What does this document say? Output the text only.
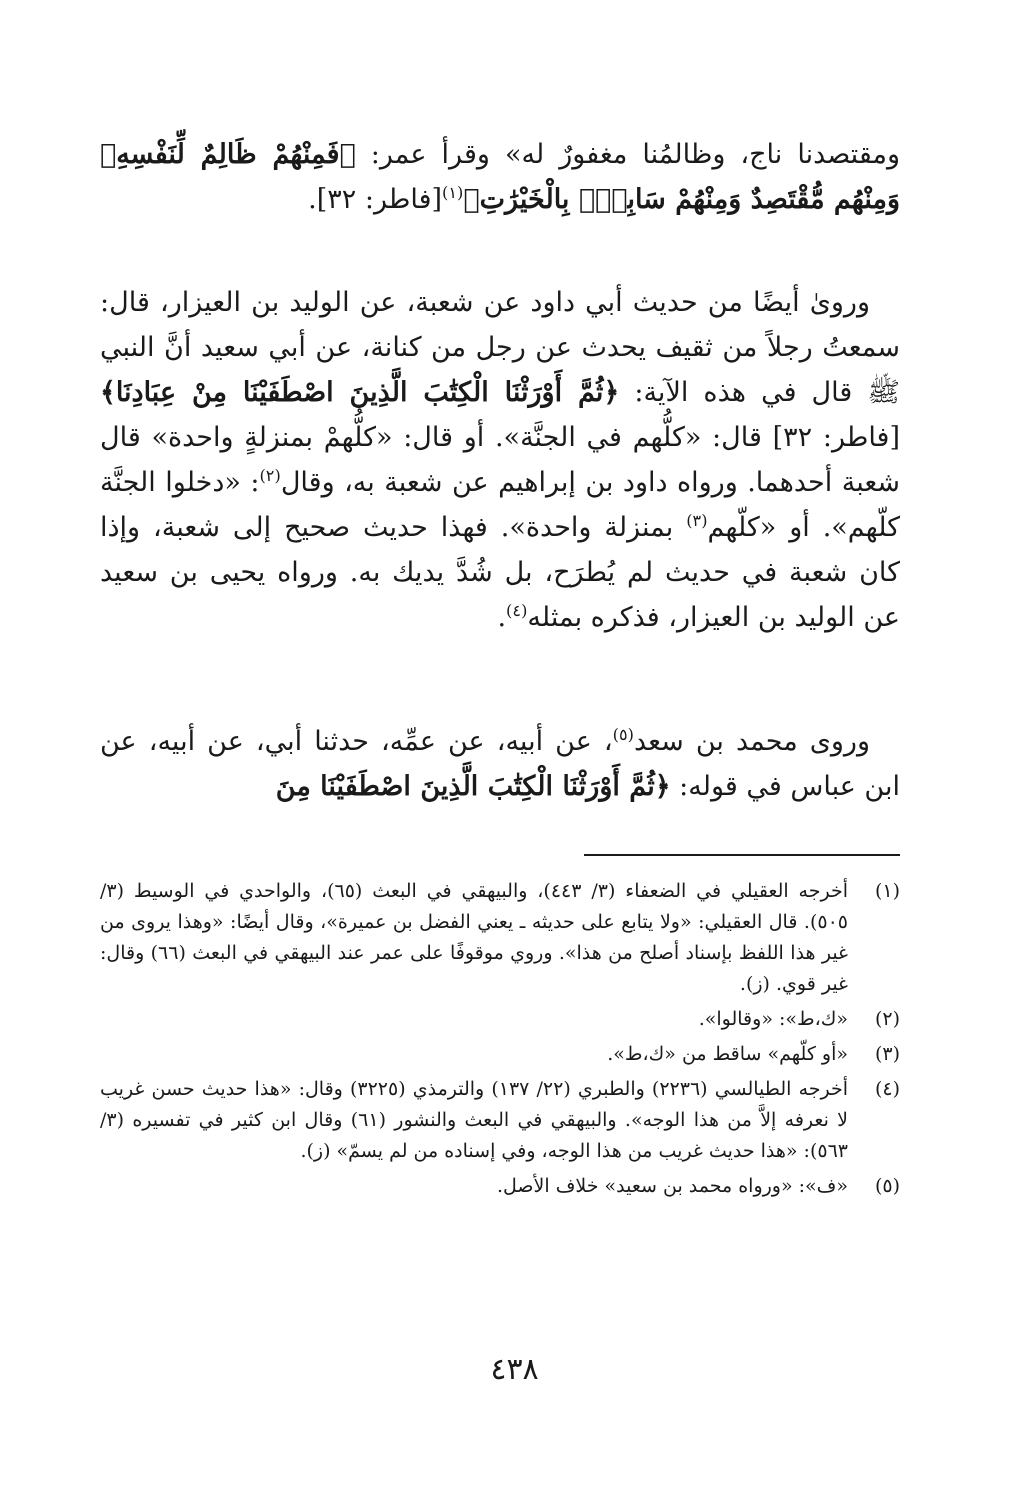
ومقتصدنا ناج، وظالمُنا مغفورٌ له» وقرأ عمر: ﴿فَمِنْهُمْ ظَالِمٌ لِّنَفْسِهِۦ وَمِنْهُم مُّقْتَصِدٌ وَمِنْهُمْ سَابِقٌۢ بِالْخَيْرَٰتِ﴾$^{(١)}$[فاطر: ٣٢].
وروىٰ أيضًا من حديث أبي داود عن شعبة، عن الوليد بن العيزار، قال: سمعتُ رجلاً من ثقيف يحدث عن رجل من كنانة، عن أبي سعيد أنَّ النبي ﷺ قال في هذه الآية: ﴿ثُمَّ أَوْرَثْنَا الْكِتَٰبَ الَّذِينَ اصْطَفَيْنَا مِنْ عِبَادِنَا﴾[فاطر: ٣٢] قال: «كلُّهم في الجنَّة». أو قال: «كلُّهمْ بمنزلةٍ واحدة» قال شعبة أحدهما. ورواه داود بن إبراهيم عن شعبة به، وقال$^{(٢)}$: «دخلوا الجنَّة كلّهم». أو «كلّهم$^{(٣)}$ بمنزلة واحدة». فهذا حديث صحيح إلى شعبة، وإذا كان شعبة في حديث لم يُطرَح، بل شُدَّ يديك به. ورواه يحيى بن سعيد عن الوليد بن العيزار، فذكره بمثله$^{(٤)}$.
وروى محمد بن سعد$^{(٥)}$، عن أبيه، عن عمِّه، حدثنا أبي، عن أبيه، عن ابن عباس في قوله: ﴿ثُمَّ أَوْرَثْنَا الْكِتَٰبَ الَّذِينَ اصْطَفَيْنَا مِنَ
(١)
أخرجه العقيلي في الضعفاء (٣/ ٤٤٣)، والبيهقي في البعث (٦٥)، والواحدي في الوسيط (٣/ ٥٠٥). قال العقيلي: «ولا يتابع على حديثه ـ يعني الفضل بن عميرة»، وقال أيضًا: «وهذا يروى من غير هذا اللفظ بإسناد أصلح من هذا». وروي موقوفًا على عمر عند البيهقي في البعث (٦٦) وقال: غير قوي. (ز).
(٢)
«ك،ط»: «وقالوا».
(٣)
«أو كلّهم» ساقط من «ك،ط».
(٤)
أخرجه الطيالسي (٢٢٣٦) والطبري (٢٢/ ١٣٧) والترمذي (٣٢٢٥) وقال: «هذا حديث حسن غريب لا نعرفه إلاَّ من هذا الوجه». والبيهقي في البعث والنشور (٦١) وقال ابن كثير في تفسيره (٣/ ٥٦٣): «هذا حديث غريب من هذا الوجه، وفي إسناده من لم يسمّ» (ز).
(٥)
«ف»: «ورواه محمد بن سعيد» خلاف الأصل.
٤٣٨
